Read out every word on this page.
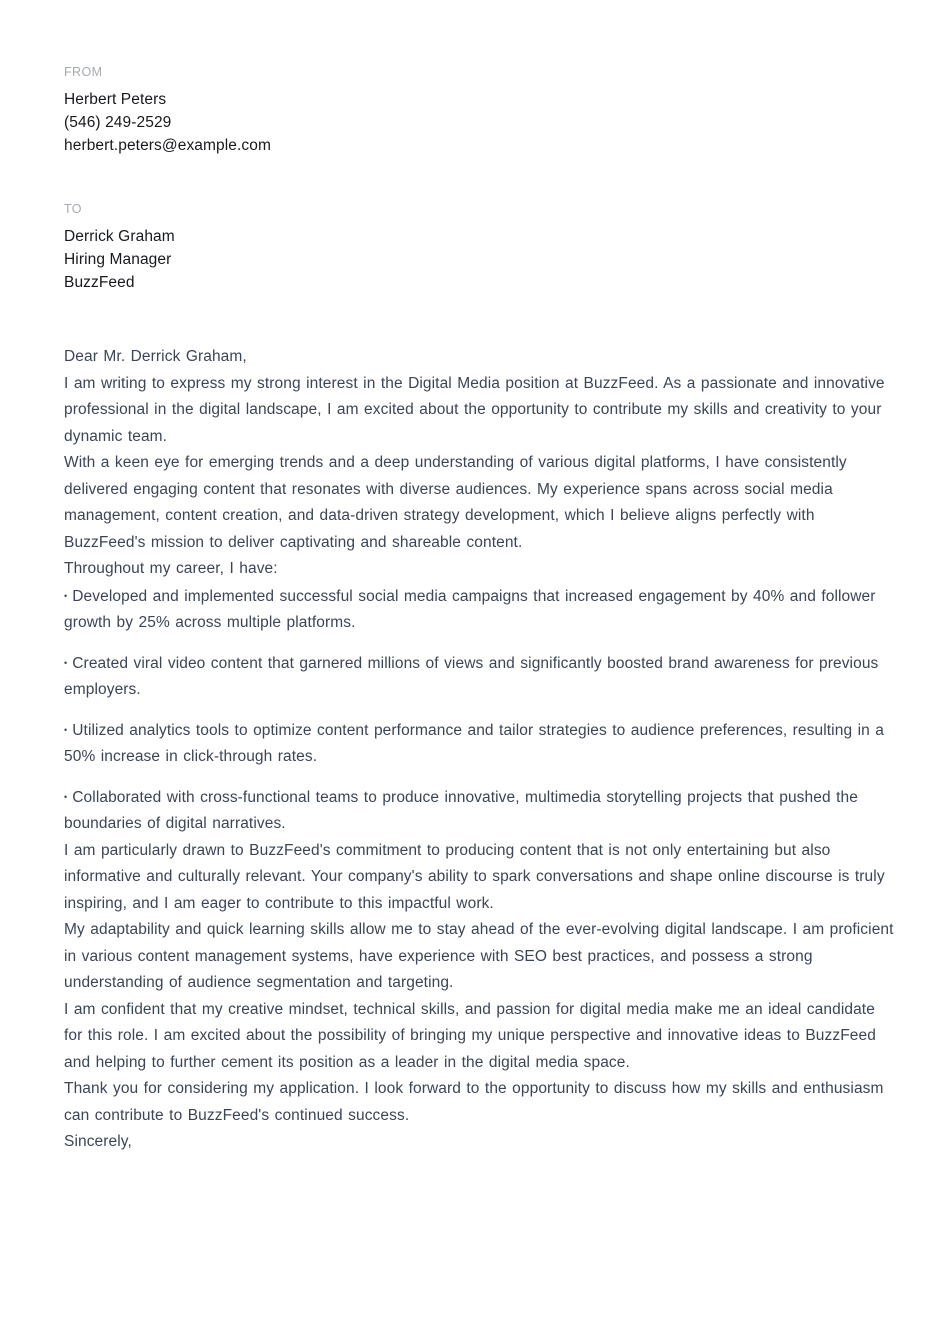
FROM
Herbert Peters
(546) 249-2529
herbert.peters@example.com
TO
Derrick Graham
Hiring Manager
BuzzFeed

Dear Mr. Derrick Graham,

I am writing to express my strong interest in the Digital Media position at BuzzFeed. As a passionate and innovative professional in the digital landscape, I am excited about the opportunity to contribute my skills and creativity to your dynamic team.

With a keen eye for emerging trends and a deep understanding of various digital platforms, I have consistently delivered engaging content that resonates with diverse audiences. My experience spans across social media management, content creation, and data-driven strategy development, which I believe aligns perfectly with BuzzFeed's mission to deliver captivating and shareable content.

Throughout my career, I have:

• Developed and implemented successful social media campaigns that increased engagement by 40% and follower growth by 25% across multiple platforms.

• Created viral video content that garnered millions of views and significantly boosted brand awareness for previous employers.

• Utilized analytics tools to optimize content performance and tailor strategies to audience preferences, resulting in a 50% increase in click-through rates.

• Collaborated with cross-functional teams to produce innovative, multimedia storytelling projects that pushed the boundaries of digital narratives.

I am particularly drawn to BuzzFeed's commitment to producing content that is not only entertaining but also informative and culturally relevant. Your company's ability to spark conversations and shape online discourse is truly inspiring, and I am eager to contribute to this impactful work.

My adaptability and quick learning skills allow me to stay ahead of the ever-evolving digital landscape. I am proficient in various content management systems, have experience with SEO best practices, and possess a strong understanding of audience segmentation and targeting.

I am confident that my creative mindset, technical skills, and passion for digital media make me an ideal candidate for this role. I am excited about the possibility of bringing my unique perspective and innovative ideas to BuzzFeed and helping to further cement its position as a leader in the digital media space.

Thank you for considering my application. I look forward to the opportunity to discuss how my skills and enthusiasm can contribute to BuzzFeed's continued success.

Sincerely,
